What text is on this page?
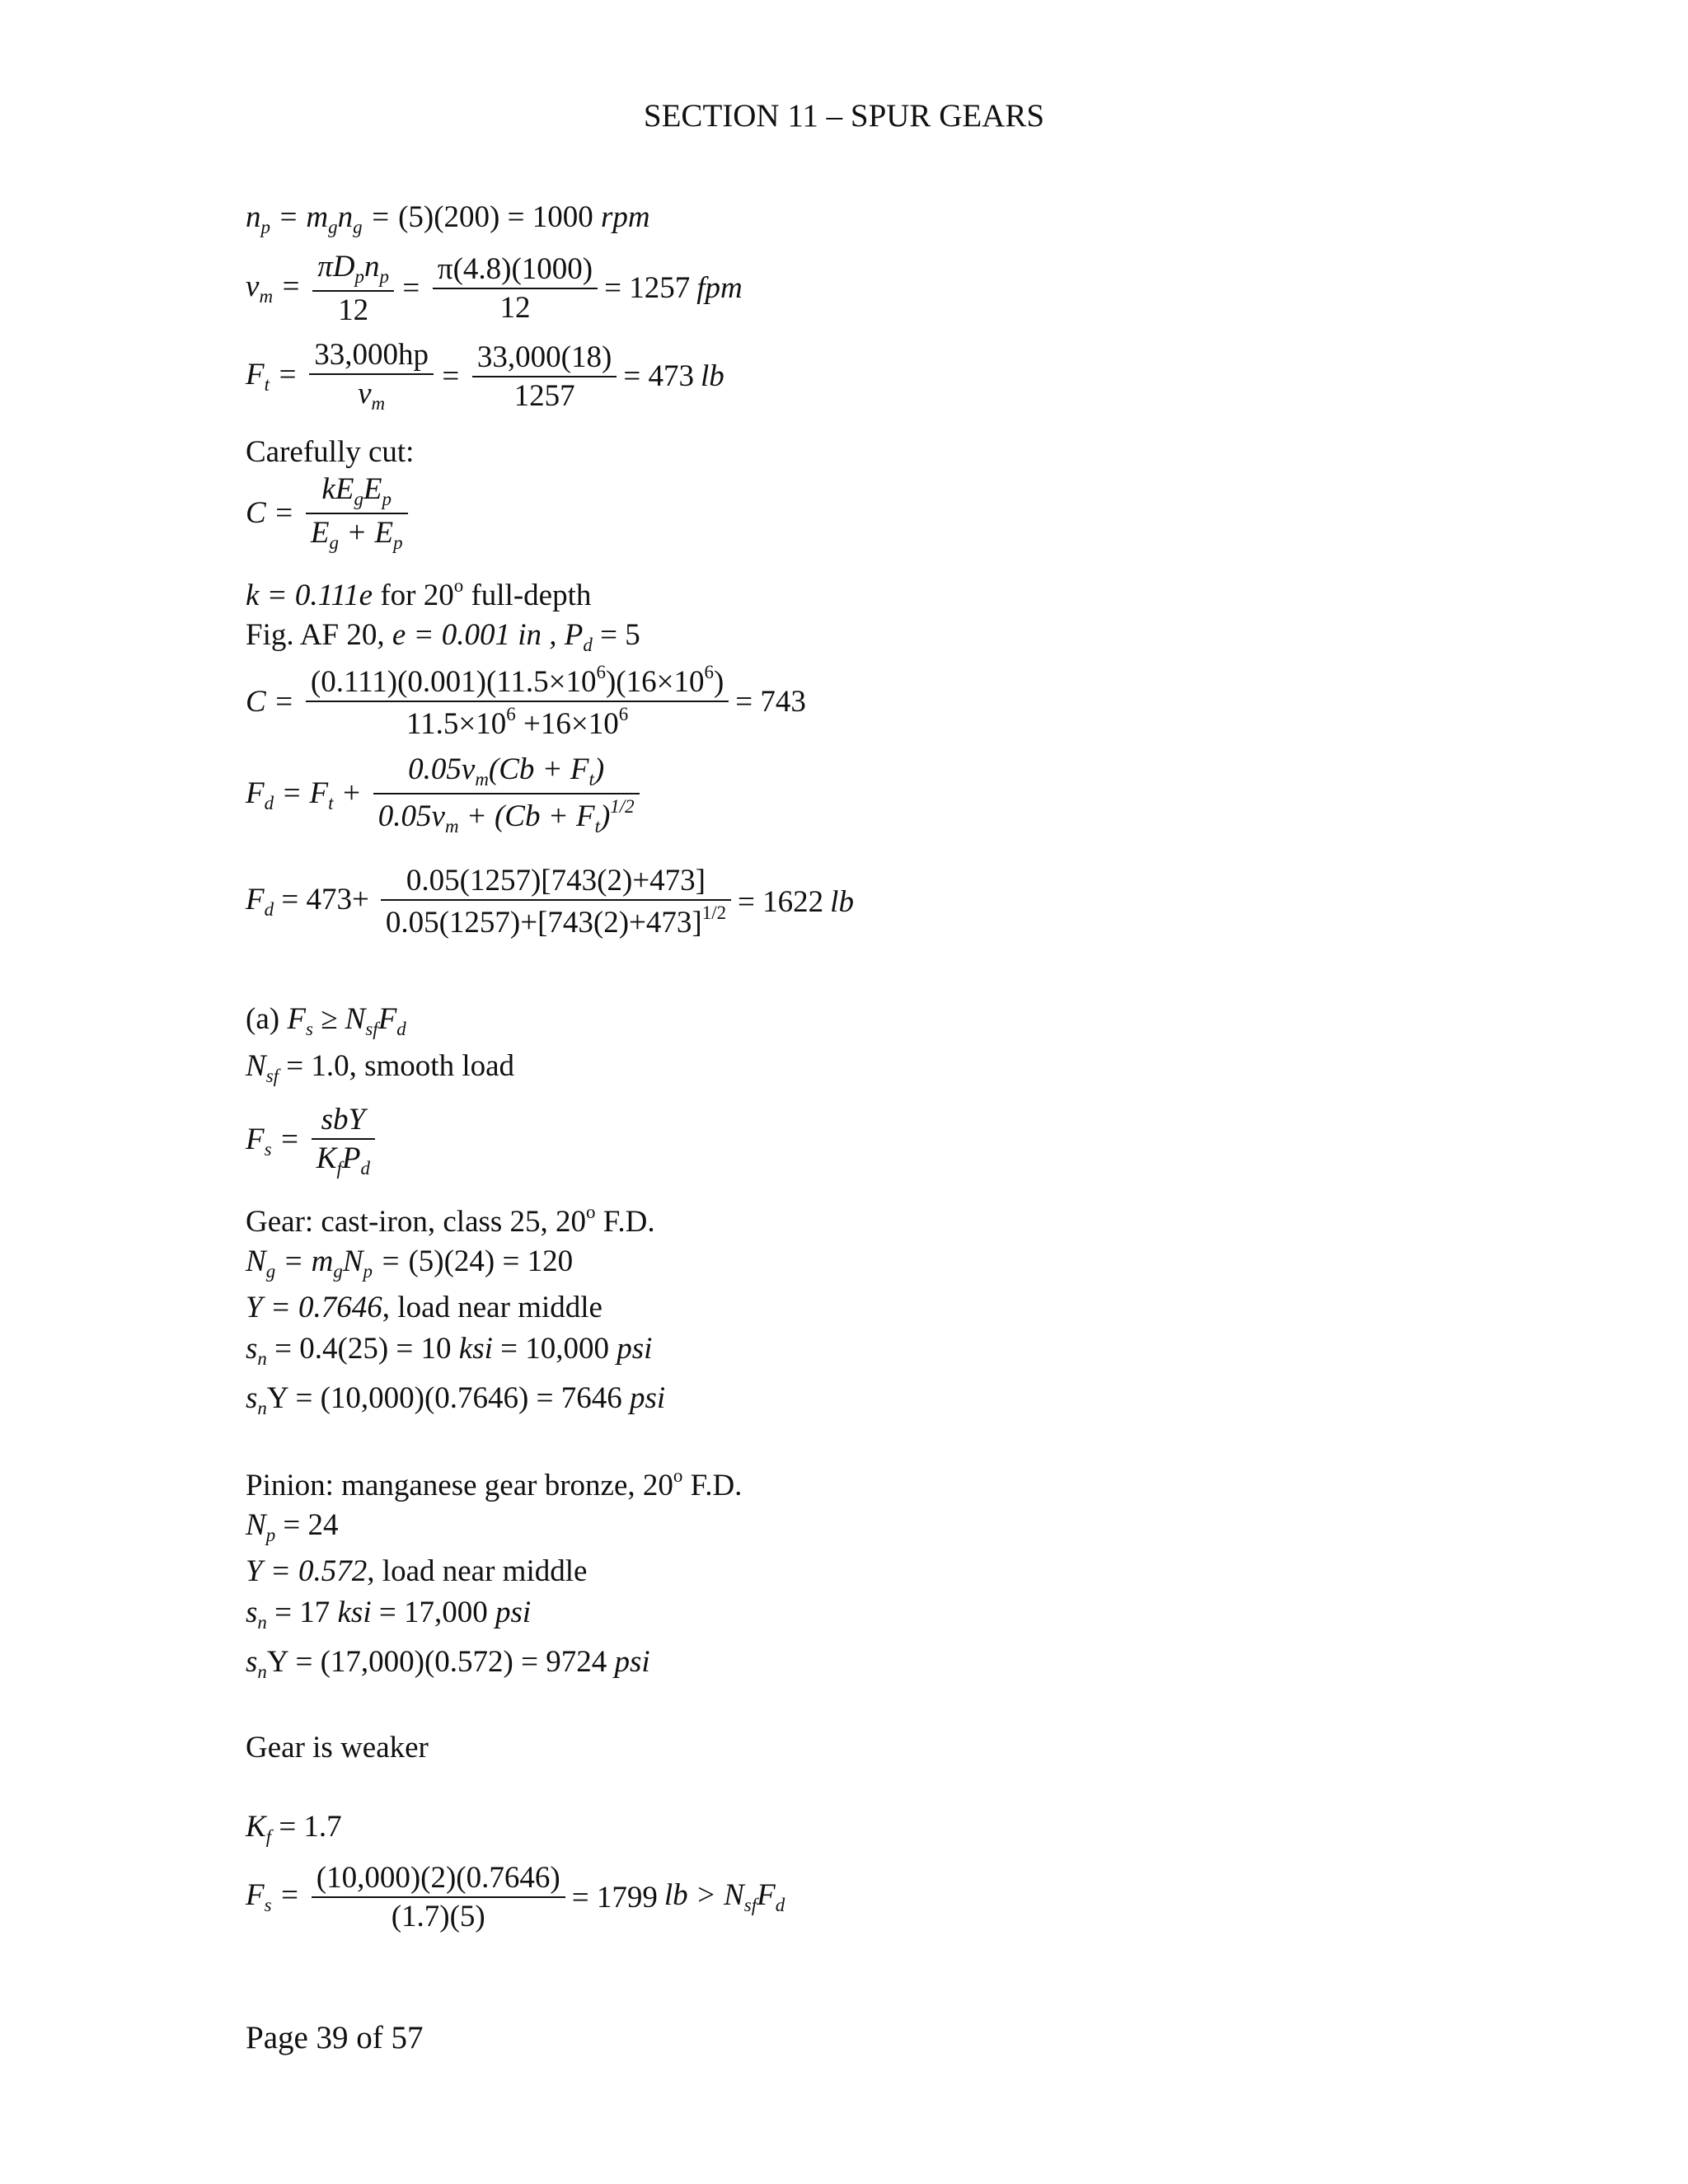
SECTION 11 – SPUR GEARS
$n_p = m_gn_g = (5)(200) = 1000$ rpm
$v_m = \frac{\pi D_pn_p}{12} = \frac{\pi(4.8)(1000)}{12} = 1257$ fpm
$F_t = \frac{33,000hp}{v_m} = \frac{33,000(18)}{1257} = 473$ lb
Carefully cut:
$C = \frac{kE_gE_p}{E_g + E_p}$
k = 0.111e for 20$^o$ full-depth
Fig. AF 20, e = 0.001 in , $P_d = 5$
$C = \frac{(0.111)(0.001)(11.5\times 10^6)(16\times 10^6)}{11.5\times 10^6 +16\times 10^6} = 743$
$F_d = F_t + \frac{0.05v_m(Cb + F_t)}{0.05v_m + (Cb + F_t)^{1/2}}$
$F_d = 473+ \frac{0.05(1257)[743(2)+473]}{0.05(1257)+[743(2)+473]^{1/2}} = 1622$ lb
(a) $F_s \ge N_{sf}F_d$
$N_{sf} = 1.0$, smooth load
$F_s = \frac{\text{sbY}}{K_fP_d}$
Gear: cast-iron, class 25, 20$^o$ F.D.
$N_g = m_gN_p = (5)(24) = 120$
Y = 0.7646, load near middle
$s_n = 0.4(25) = 10$ ksi = 10,000 psi
$s_nY = (10,000)(0.7646) = 7646$ psi
Pinion: manganese gear bronze, 20$^o$ F.D.
$N_p = 24$
Y = 0.572, load near middle
$s_n = 17$ ksi = 17,000 psi
$s_nY = (17,000)(0.572) = 9724$ psi
Gear is weaker
$K_f = 1.7$
$F_s = \frac{(10,000)(2)(0.7646)}{(1.7)(5)} = 1799$ lb > $N_{sf}F_d$
Page 39 of 57
